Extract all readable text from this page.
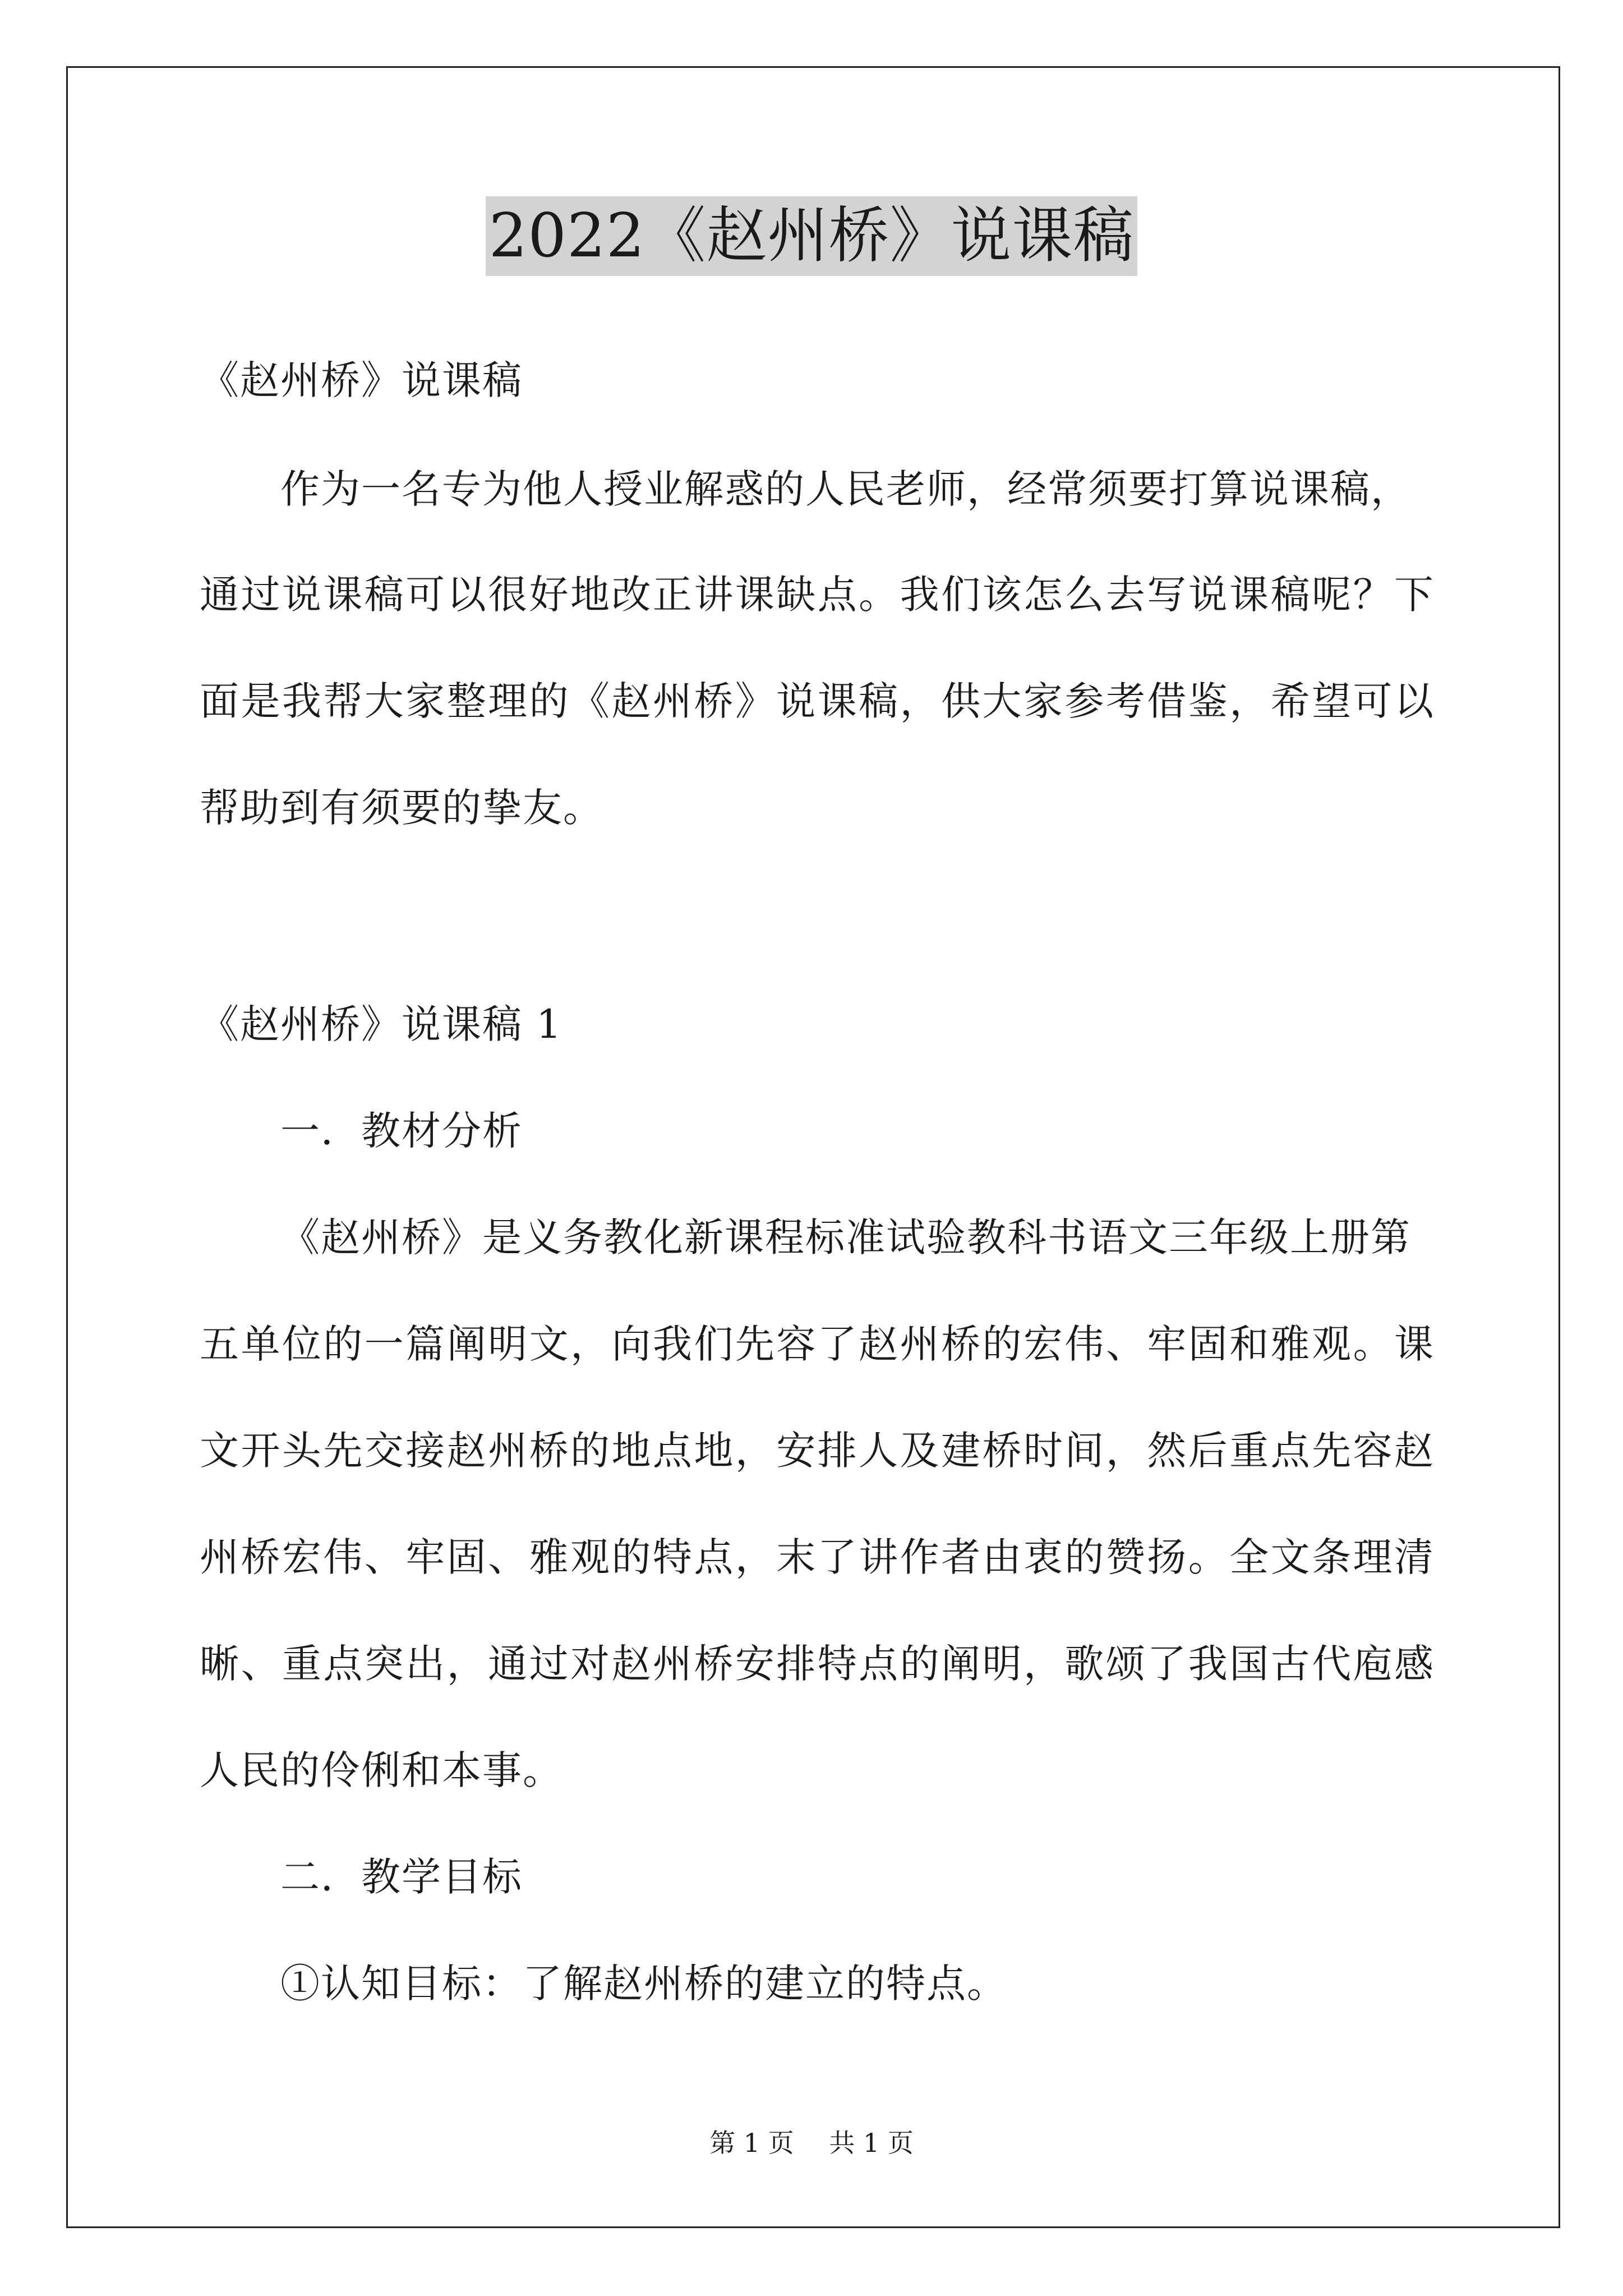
2022《赵州桥》说课稿
《赵州桥》说课稿
作为一名专为他人授业解惑的人民老师，经常须要打算说课稿，
通过说课稿可以很好地改正讲课缺点。我们该怎么去写说课稿呢？下
面是我帮大家整理的《赵州桥》说课稿，供大家参考借鉴，希望可以
帮助到有须要的挚友。
《赵州桥》说课稿 1
一．教材分析
《赵州桥》是义务教化新课程标准试验教科书语文三年级上册第
五单位的一篇阐明文，向我们先容了赵州桥的宏伟、牢固和雅观。课
文开头先交接赵州桥的地点地，安排人及建桥时间，然后重点先容赵
州桥宏伟、牢固、雅观的特点，末了讲作者由衷的赞扬。全文条理清
晰、重点突出，通过对赵州桥安排特点的阐明，歌颂了我国古代庖感
人民的伶俐和本事。
二．教学目标
①认知目标：了解赵州桥的建立的特点。
第 1 页 共 1 页
